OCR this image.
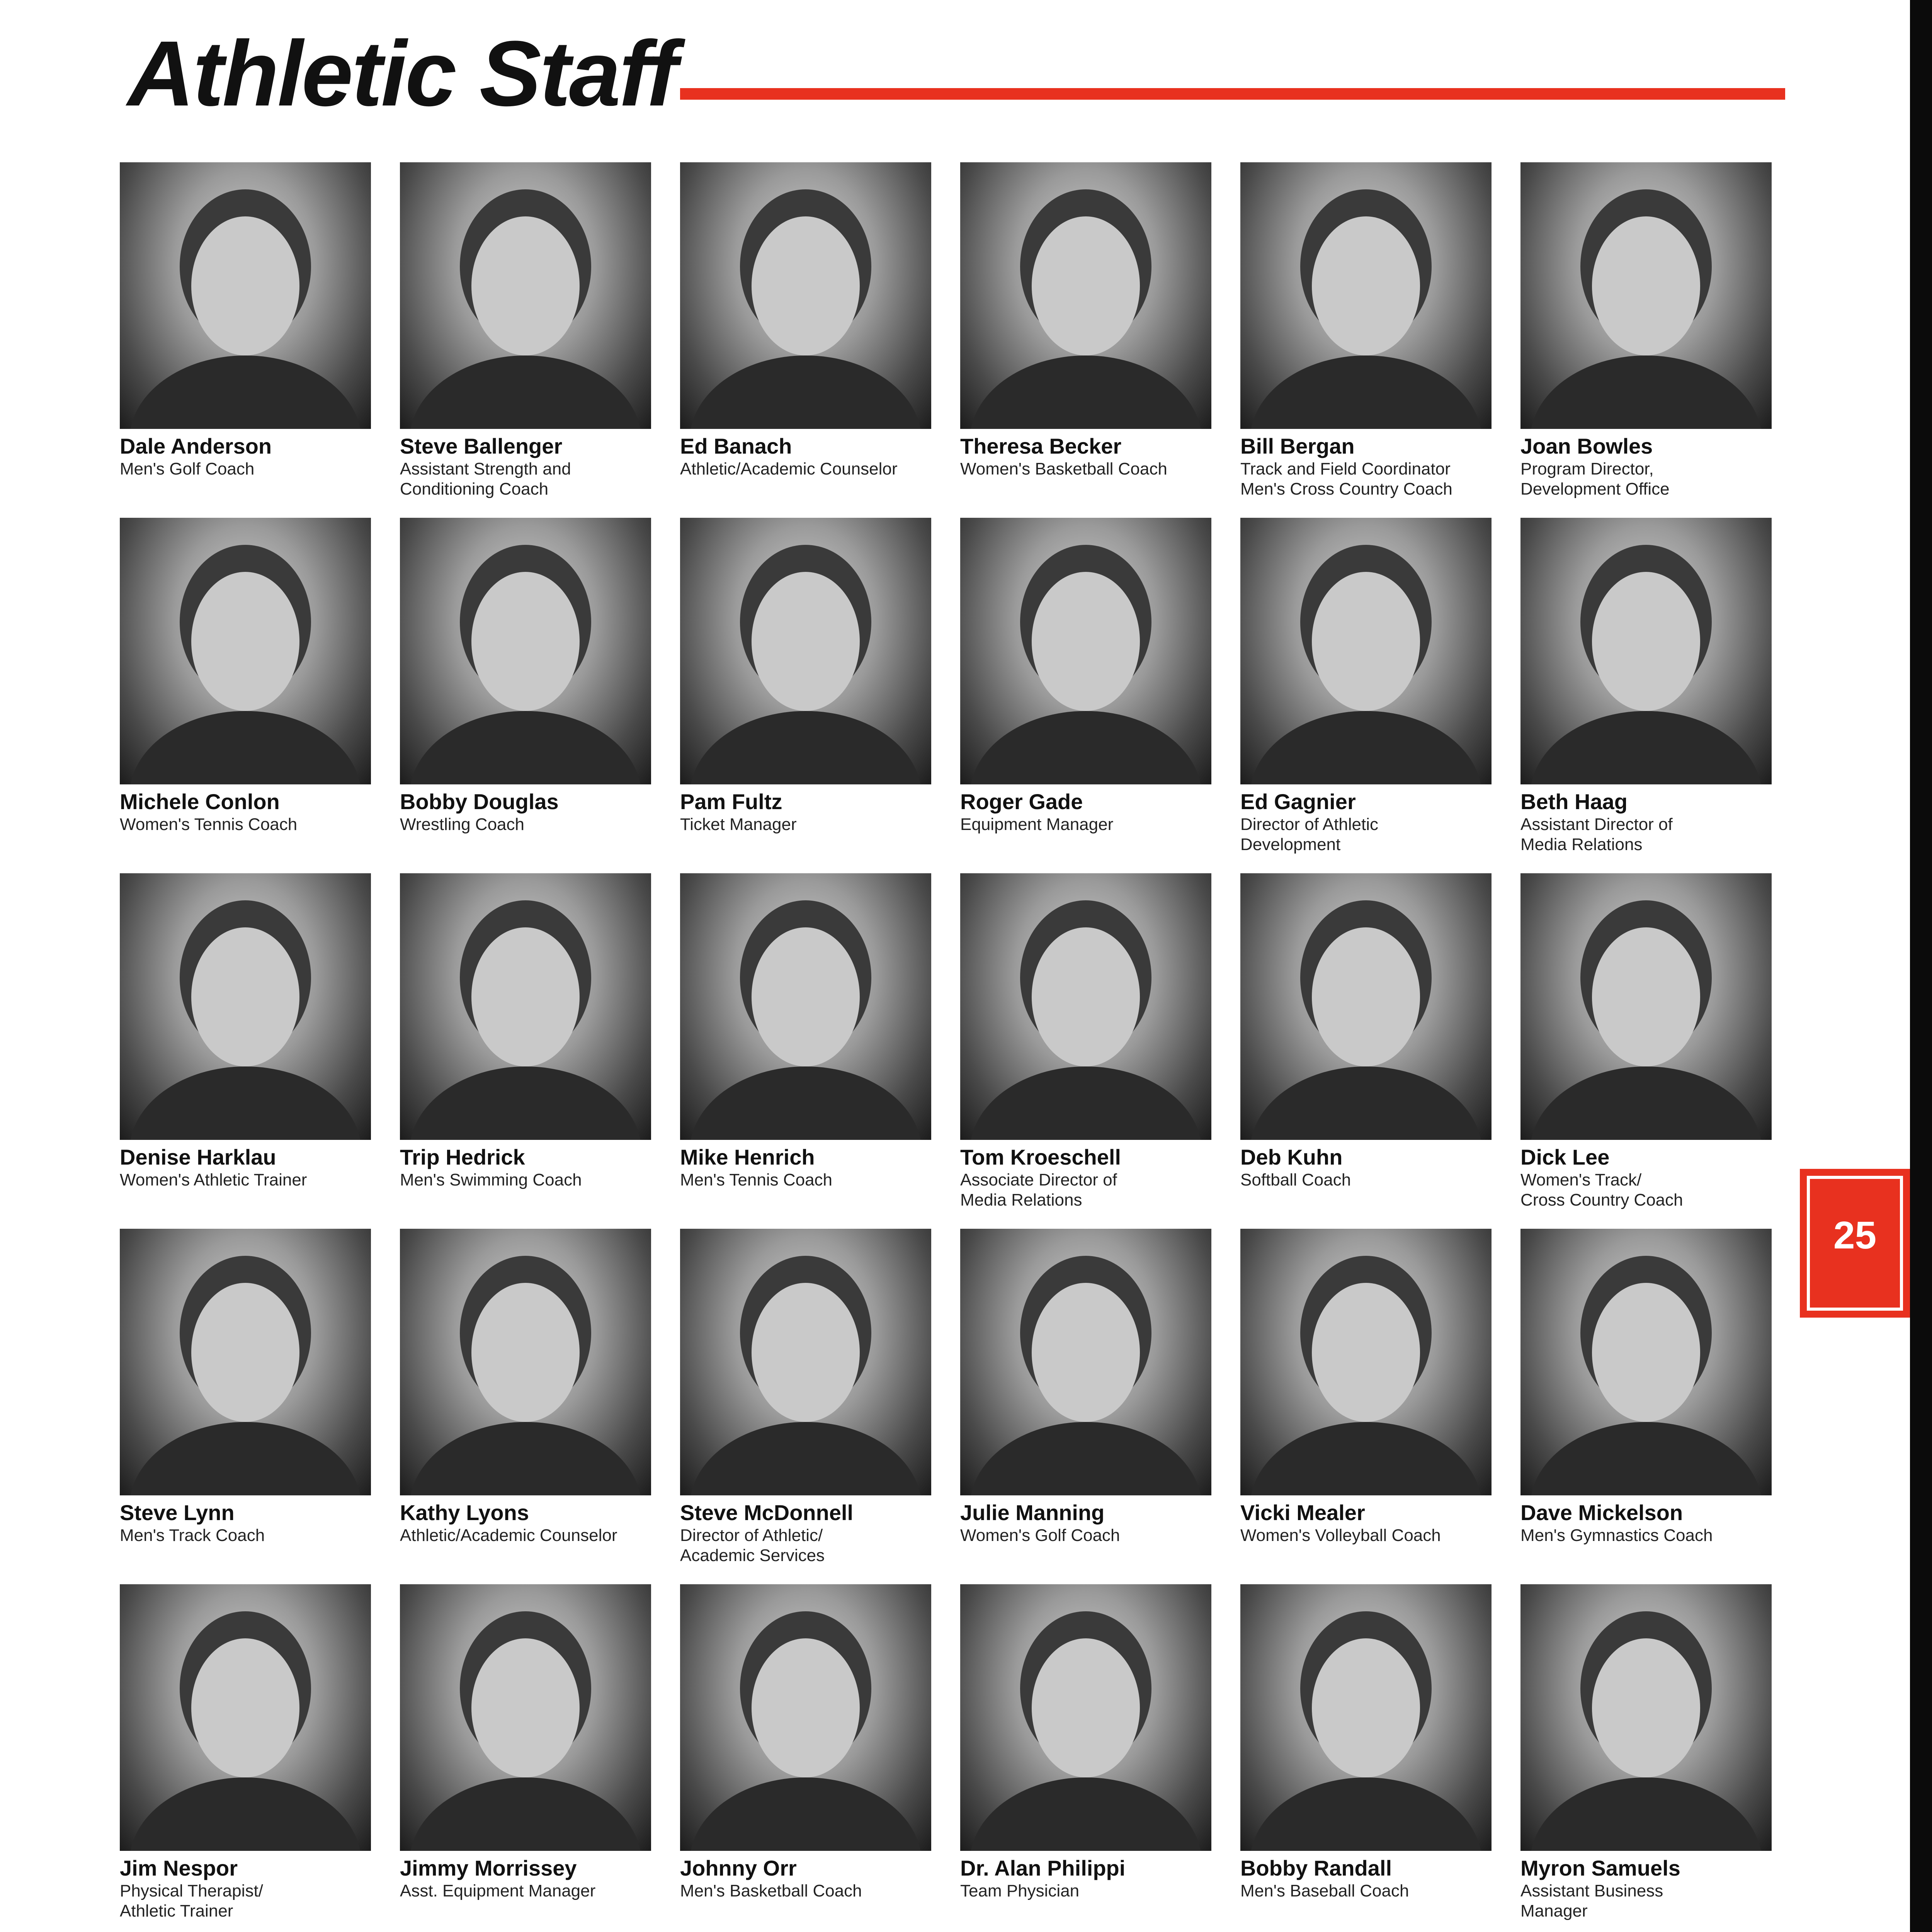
Athletic Staff
25
Dale Anderson
Men's Golf Coach
Steve Ballenger
Assistant Strength and
Conditioning Coach
Ed Banach
Athletic/Academic Counselor
Theresa Becker
Women's Basketball Coach
Bill Bergan
Track and Field Coordinator
Men's Cross Country Coach
Joan Bowles
Program Director,
Development Office
Michele Conlon
Women's Tennis Coach
Bobby Douglas
Wrestling Coach
Pam Fultz
Ticket Manager
Roger Gade
Equipment Manager
Ed Gagnier
Director of Athletic
Development
Beth Haag
Assistant Director of
Media Relations
Denise Harklau
Women's Athletic Trainer
Trip Hedrick
Men's Swimming Coach
Mike Henrich
Men's Tennis Coach
Tom Kroeschell
Associate Director of
Media Relations
Deb Kuhn
Softball Coach
Dick Lee
Women's Track/
Cross Country Coach
Steve Lynn
Men's Track Coach
Kathy Lyons
Athletic/Academic Counselor
Steve McDonnell
Director of Athletic/
Academic Services
Julie Manning
Women's Golf Coach
Vicki Mealer
Women's Volleyball Coach
Dave Mickelson
Men's Gymnastics Coach
Jim Nespor
Physical Therapist/
Athletic Trainer
Jimmy Morrissey
Asst. Equipment Manager
Johnny Orr
Men's Basketball Coach
Dr. Alan Philippi
Team Physician
Bobby Randall
Men's Baseball Coach
Myron Samuels
Assistant Business
Manager
